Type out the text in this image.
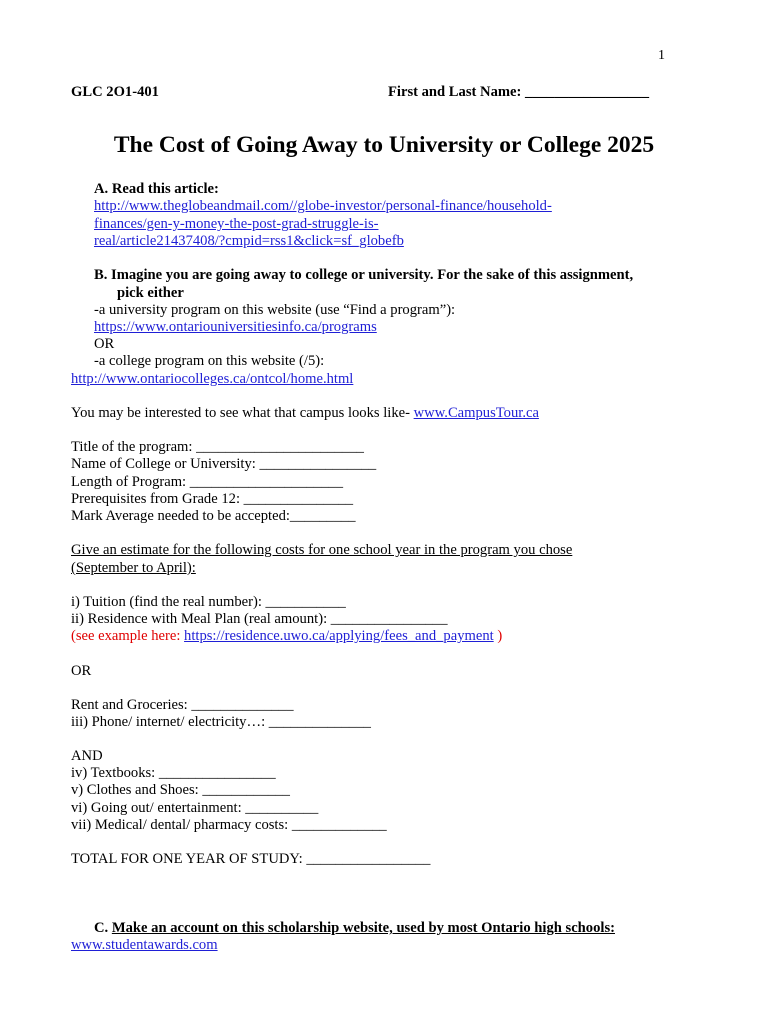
1
GLC 2O1-401	First and Last Name: _________________
The Cost of Going Away to University or College 2025
A. Read this article:
http://www.theglobeandmail.com//globe-investor/personal-finance/household-
finances/gen-y-money-the-post-grad-struggle-is-
real/article21437408/?cmpid=rss1&click=sf_globefb
B. Imagine you are going away to college or university. For the sake of this assignment,
pick either
-a university program on this website (use “Find a program”):
https://www.ontariouniversitiesinfo.ca/programs
OR
-a college program on this website (/5):
http://www.ontariocolleges.ca/ontcol/home.html
You may be interested to see what that campus looks like- www.CampusTour.ca
Title of the program: _______________________
Name of College or University: ________________
Length of Program: _____________________
Prerequisites from Grade 12: _______________
Mark Average needed to be accepted:_________
Give an estimate for the following costs for one school year in the program you chose
(September to April):
i) Tuition (find the real number): ___________
ii) Residence with Meal Plan (real amount): ________________
(see example here: https://residence.uwo.ca/applying/fees_and_payment )
OR
Rent and Groceries: ______________
iii) Phone/ internet/ electricity…: ______________
AND
iv) Textbooks: ________________
v) Clothes and Shoes: ____________
vi) Going out/ entertainment: __________
vii) Medical/ dental/ pharmacy costs: _____________
TOTAL FOR ONE YEAR OF STUDY: _________________
C. Make an account on this scholarship website, used by most Ontario high schools:
www.studentawards.com
